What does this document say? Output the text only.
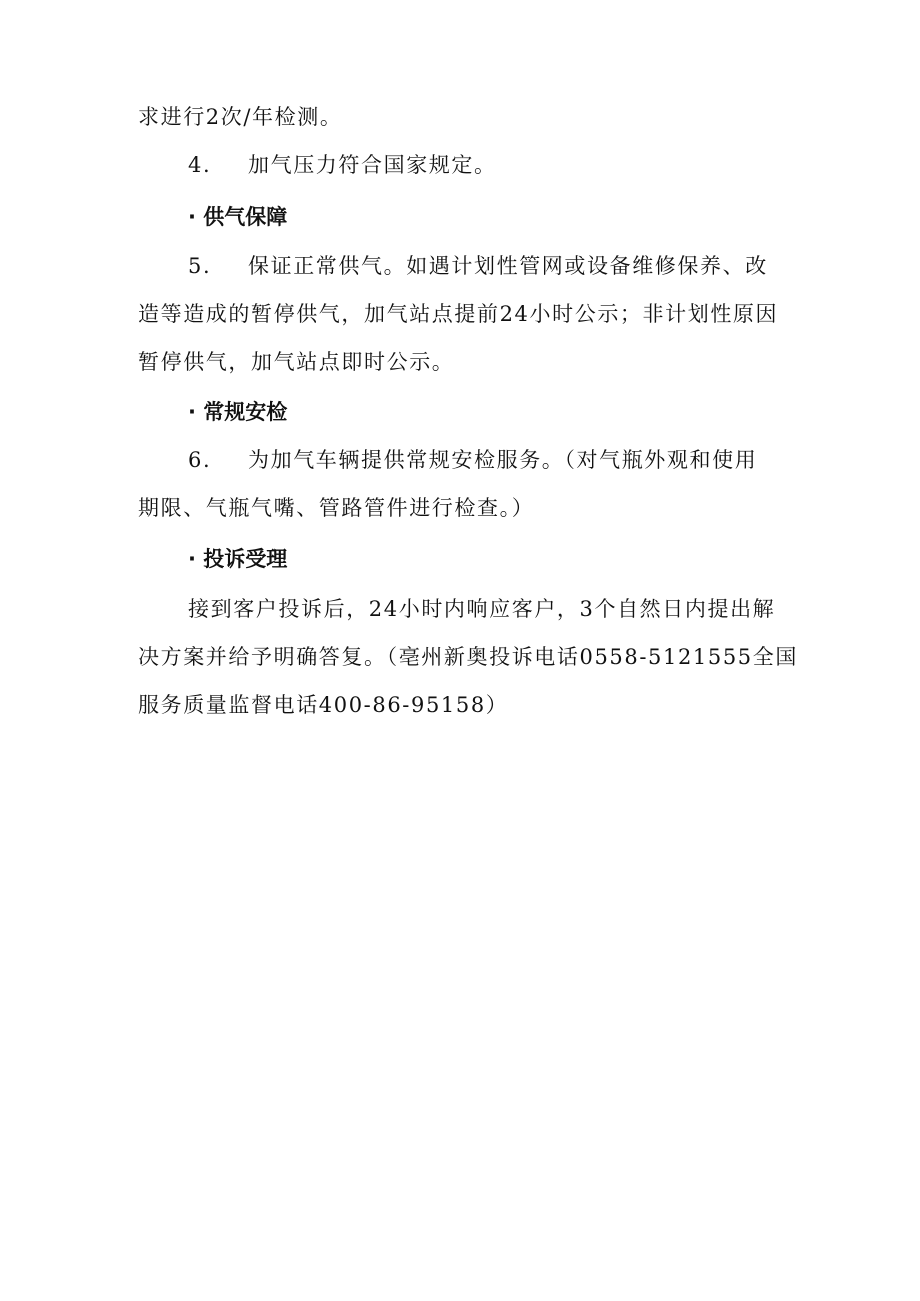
求进行2次/年检测。
4. 加气压力符合国家规定。
· 供气保障
5. 保证正常供气。如遇计划性管网或设备维修保养、改
造等造成的暂停供气，加气站点提前24小时公示；非计划性原因
暂停供气，加气站点即时公示。
· 常规安检
6. 为加气车辆提供常规安检服务。（对气瓶外观和使用
期限、气瓶气嘴、管路管件进行检查。）
· 投诉受理
接到客户投诉后，24小时内响应客户，3个自然日内提出解
决方案并给予明确答复。（亳州新奥投诉电话0558-5121555全国
服务质量监督电话400-86-95158）
